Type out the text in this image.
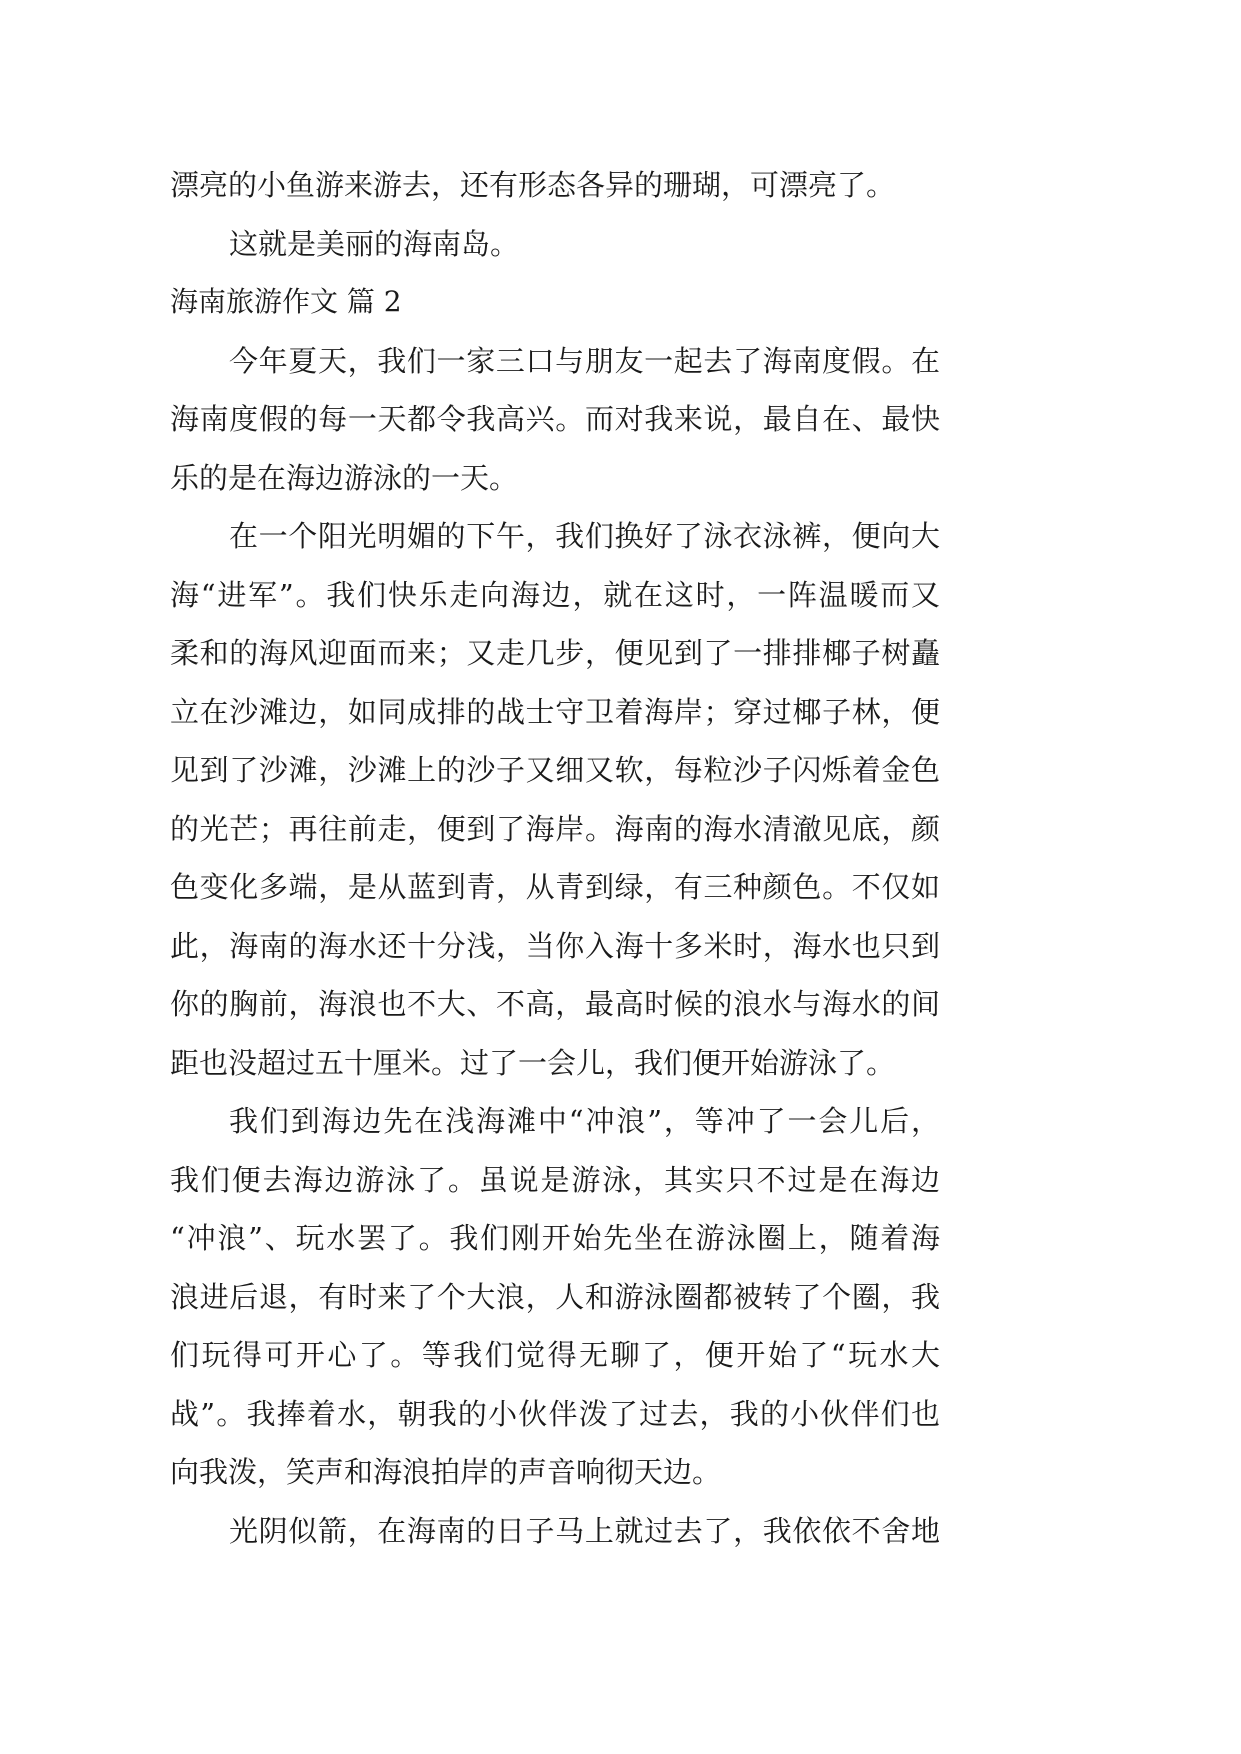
漂亮的小鱼游来游去，还有形态各异的珊瑚，可漂亮了。
这就是美丽的海南岛。
海南旅游作文 篇 2
今年夏天，我们一家三口与朋友一起去了海南度假。在
海南度假的每一天都令我高兴。而对我来说，最自在、最快
乐的是在海边游泳的一天。
在一个阳光明媚的下午，我们换好了泳衣泳裤，便向大
海“进军”。我们快乐走向海边，就在这时，一阵温暖而又
柔和的海风迎面而来；又走几步，便见到了一排排椰子树矗
立在沙滩边，如同成排的战士守卫着海岸；穿过椰子林，便
见到了沙滩，沙滩上的沙子又细又软，每粒沙子闪烁着金色
的光芒；再往前走，便到了海岸。海南的海水清澈见底，颜
色变化多端，是从蓝到青，从青到绿，有三种颜色。不仅如
此，海南的海水还十分浅，当你入海十多米时，海水也只到
你的胸前，海浪也不大、不高，最高时候的浪水与海水的间
距也没超过五十厘米。过了一会儿，我们便开始游泳了。
我们到海边先在浅海滩中“冲浪”，等冲了一会儿后，
我们便去海边游泳了。虽说是游泳，其实只不过是在海边
“冲浪”、玩水罢了。我们刚开始先坐在游泳圈上，随着海
浪进后退，有时来了个大浪，人和游泳圈都被转了个圈，我
们玩得可开心了。等我们觉得无聊了，便开始了“玩水大
战”。我捧着水，朝我的小伙伴泼了过去，我的小伙伴们也
向我泼，笑声和海浪拍岸的声音响彻天边。
光阴似箭，在海南的日子马上就过去了，我依依不舍地
